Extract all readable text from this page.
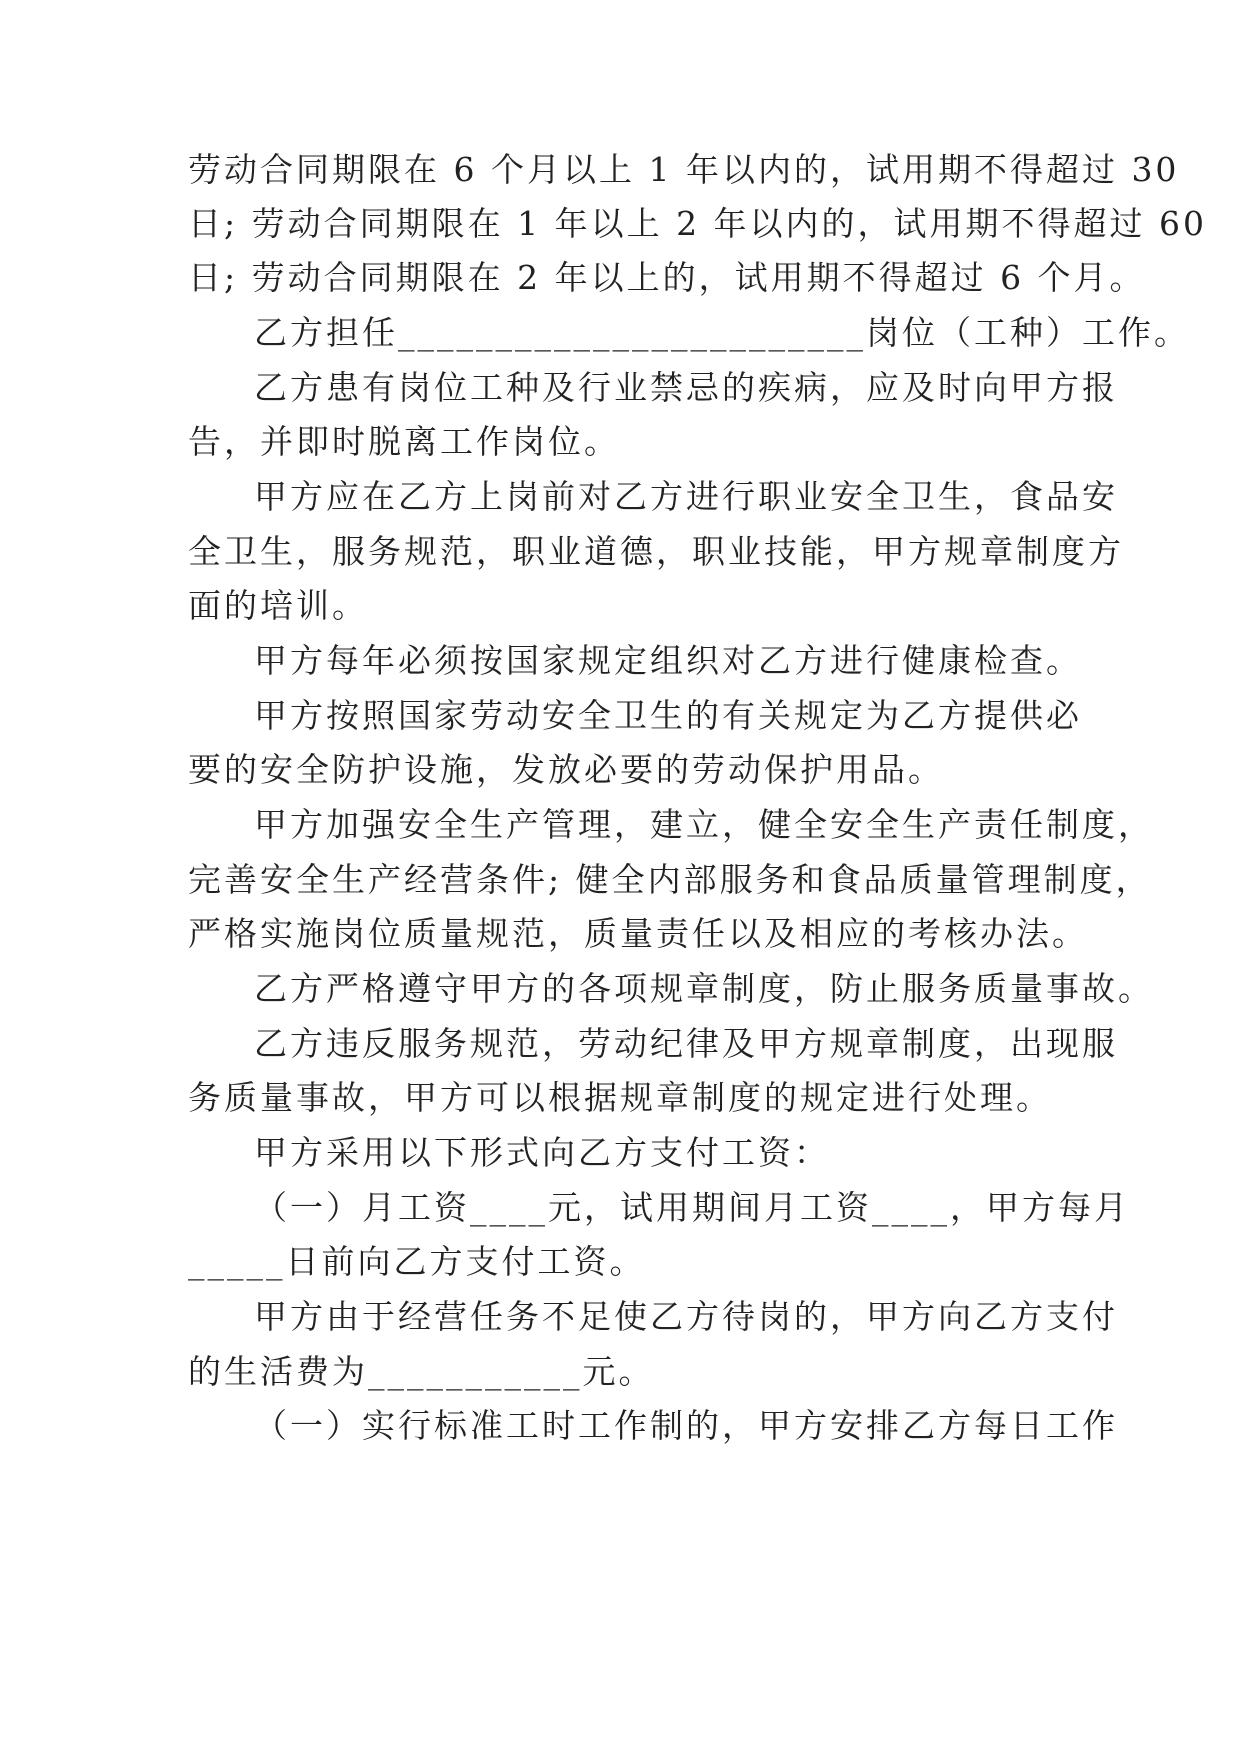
劳动合同期限在 6 个月以上 1 年以内的，试用期不得超过 30
日; 劳动合同期限在 1 年以上 2 年以内的，试用期不得超过 60
日; 劳动合同期限在 2 年以上的，试用期不得超过 6 个月。
乙方担任________________________岗位（工种）工作。
乙方患有岗位工种及行业禁忌的疾病，应及时向甲方报
告，并即时脱离工作岗位。
甲方应在乙方上岗前对乙方进行职业安全卫生，食品安
全卫生，服务规范，职业道德，职业技能，甲方规章制度方
面的培训。
甲方每年必须按国家规定组织对乙方进行健康检查。
甲方按照国家劳动安全卫生的有关规定为乙方提供必
要的安全防护设施，发放必要的劳动保护用品。
甲方加强安全生产管理，建立，健全安全生产责任制度，
完善安全生产经营条件; 健全内部服务和食品质量管理制度，
严格实施岗位质量规范，质量责任以及相应的考核办法。
乙方严格遵守甲方的各项规章制度，防止服务质量事故。
乙方违反服务规范，劳动纪律及甲方规章制度，出现服
务质量事故，甲方可以根据规章制度的规定进行处理。
甲方采用以下形式向乙方支付工资：
（一）月工资____元，试用期间月工资____，甲方每月
_____日前向乙方支付工资。
甲方由于经营任务不足使乙方待岗的，甲方向乙方支付
的生活费为___________元。
（一）实行标准工时工作制的，甲方安排乙方每日工作
